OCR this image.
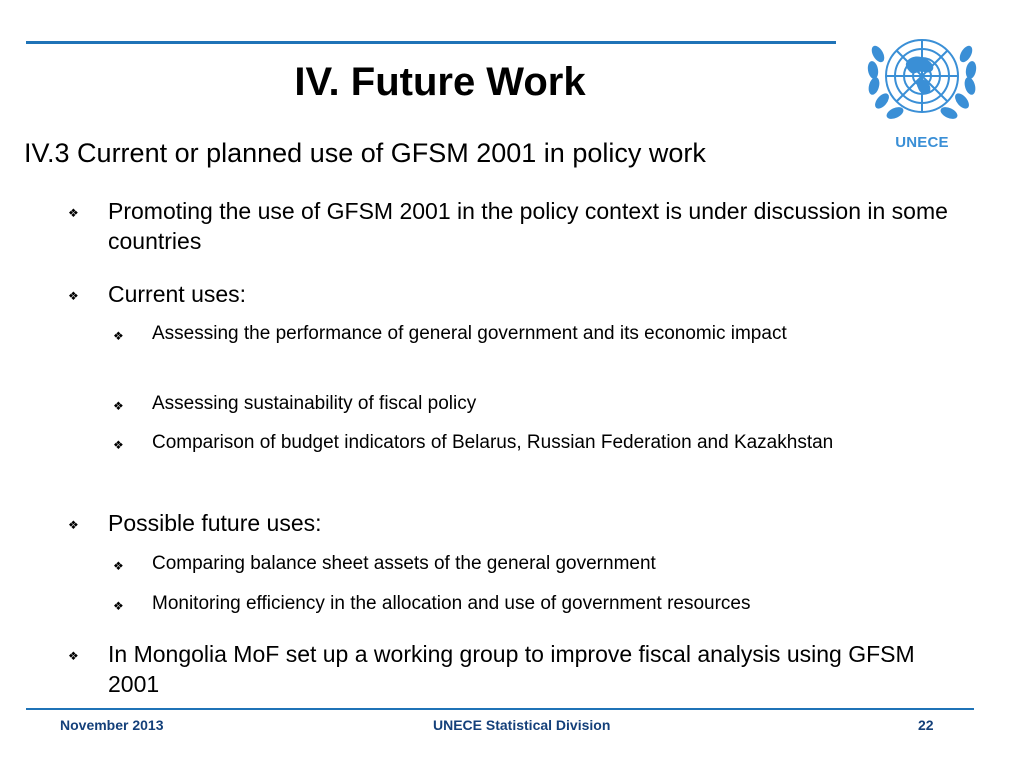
IV. Future Work
UNECE
IV.3 Current or planned use of GFSM 2001 in policy work
❖ Promoting the use of GFSM 2001 in the policy context is under discussion in some countries
❖ Current uses:
❖ Assessing the performance of general government and its economic impact
❖ Assessing sustainability of fiscal policy
❖ Comparison of budget indicators of Belarus, Russian Federation and Kazakhstan
❖ Possible future uses:
❖ Comparing balance sheet assets of the general government
❖ Monitoring efficiency in the allocation and use of government resources
❖ In Mongolia MoF set up a working group to improve fiscal analysis using GFSM 2001
November 2013	UNECE Statistical Division	22
